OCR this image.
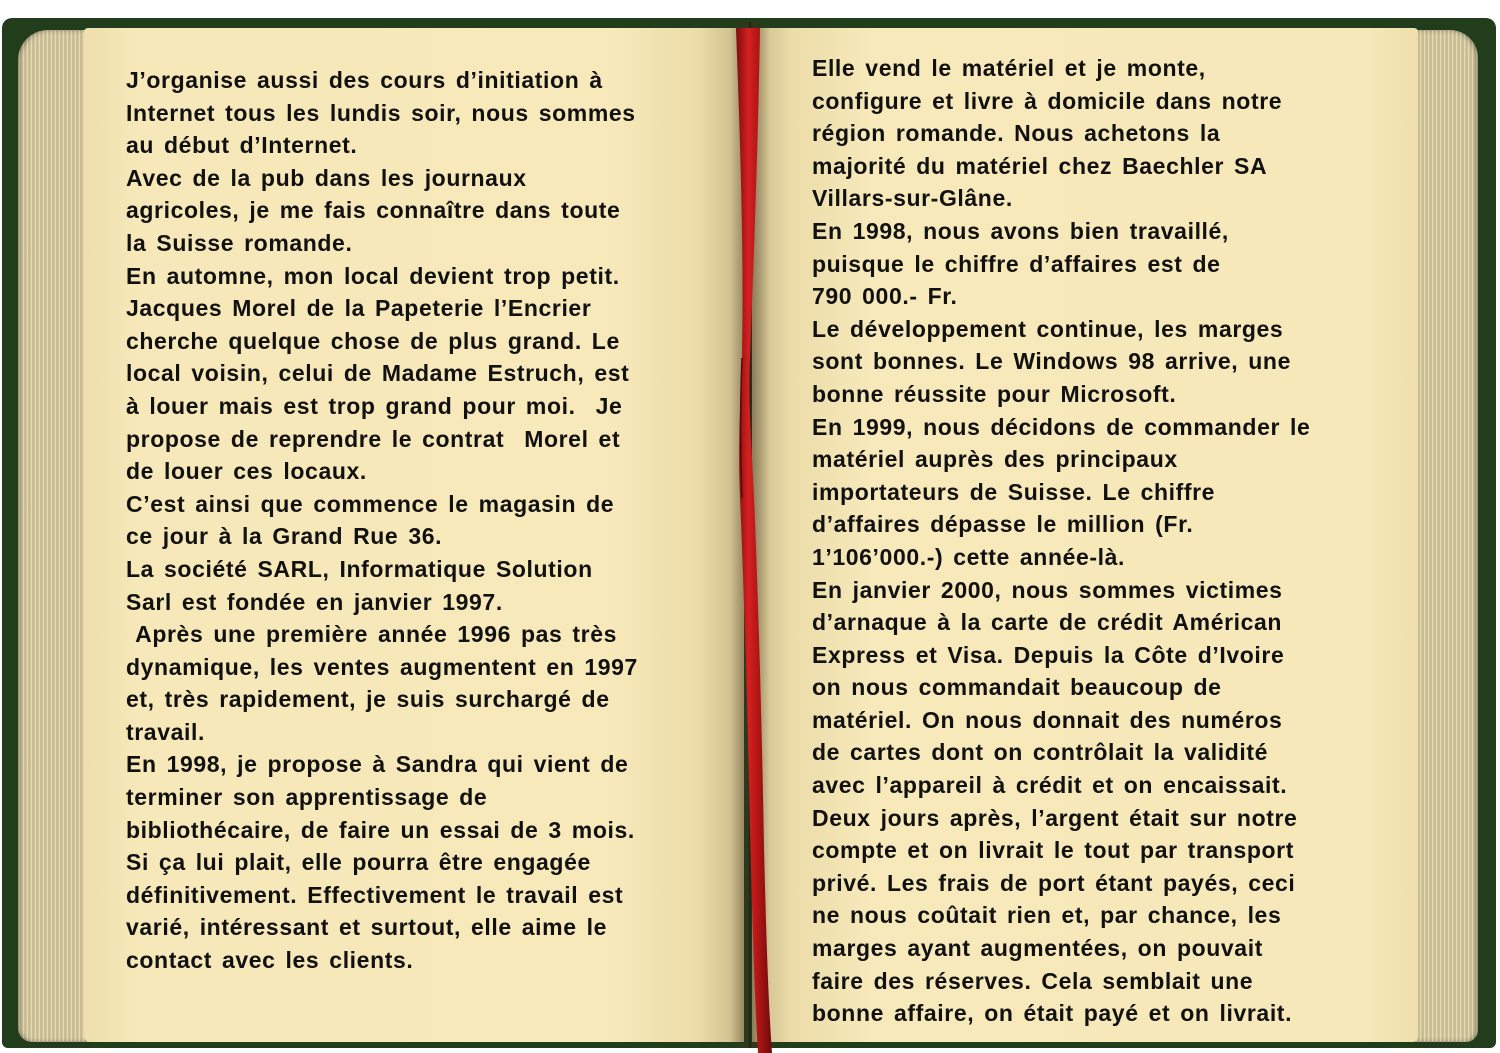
J’organise aussi des cours d’initiation à
Internet tous les lundis soir, nous sommes
au début d’Internet.
Avec de la pub dans les journaux
agricoles, je me fais connaître dans toute
la Suisse romande.
En automne, mon local devient trop petit.
Jacques Morel de la Papeterie l’Encrier
cherche quelque chose de plus grand. Le
local voisin, celui de Madame Estruch, est
à louer mais est trop grand pour moi.  Je
propose de reprendre le contrat  Morel et
de louer ces locaux.
C’est ainsi que commence le magasin de
ce jour à la Grand Rue 36.
La société SARL, Informatique Solution
Sarl est fondée en janvier 1997.
Après une première année 1996 pas très
dynamique, les ventes augmentent en 1997
et, très rapidement, je suis surchargé de
travail.
En 1998, je propose à Sandra qui vient de
terminer son apprentissage de
bibliothécaire, de faire un essai de 3 mois.
Si ça lui plait, elle pourra être engagée
définitivement. Effectivement le travail est
varié, intéressant et surtout, elle aime le
contact avec les clients.
Elle vend le matériel et je monte,
configure et livre à domicile dans notre
région romande. Nous achetons la
majorité du matériel chez Baechler SA
Villars-sur-Glâne.
En 1998, nous avons bien travaillé,
puisque le chiffre d’affaires est de
790 000.- Fr.
Le développement continue, les marges
sont bonnes. Le Windows 98 arrive, une
bonne réussite pour Microsoft.
En 1999, nous décidons de commander le
matériel auprès des principaux
importateurs de Suisse. Le chiffre
d’affaires dépasse le million (Fr.
1’106’000.-) cette année-là.
En janvier 2000, nous sommes victimes
d’arnaque à la carte de crédit Américan
Express et Visa. Depuis la Côte d’Ivoire
on nous commandait beaucoup de
matériel. On nous donnait des numéros
de cartes dont on contrôlait la validité
avec l’appareil à crédit et on encaissait.
Deux jours après, l’argent était sur notre
compte et on livrait le tout par transport
privé. Les frais de port étant payés, ceci
ne nous coûtait rien et, par chance, les
marges ayant augmentées, on pouvait
faire des réserves. Cela semblait une
bonne affaire, on était payé et on livrait.
